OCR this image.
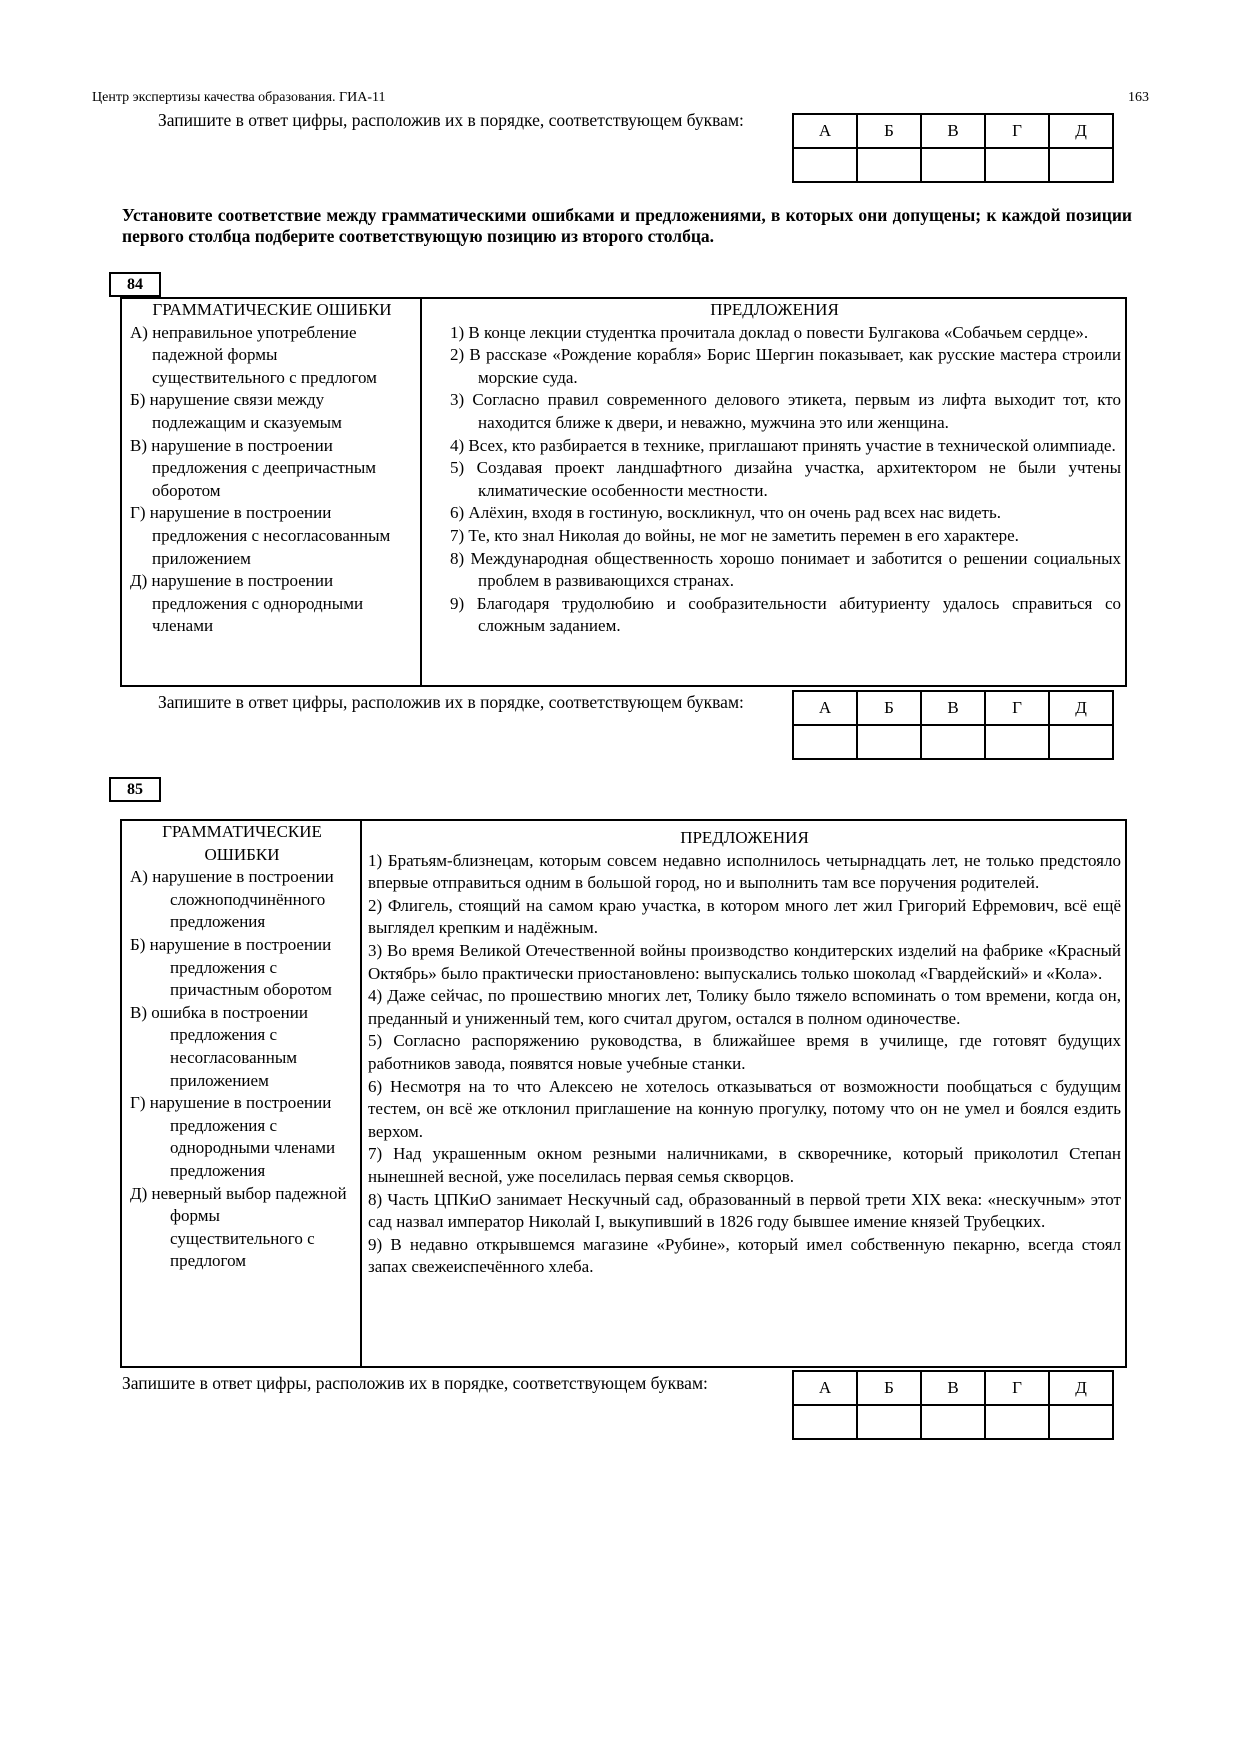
Центр экспертизы качества образования. ГИА-11	163
Запишите в ответ цифры, расположив их в порядке, соответствующем буквам:
А	Б	В	Г	Д

Установите соответствие между грамматическими ошибками и предложениями, в которых они допущены; к каждой позиции первого столбца подберите соответствующую позицию из второго столбца.
84
ГРАММАТИЧЕСКИЕ ОШИБКИ
А) неправильное употребление падежной формы существительного с предлогом
Б) нарушение связи между подлежащим и сказуемым
В) нарушение в построении предложения с деепричастным оборотом
Г) нарушение в построении предложения с несогласованным приложением
Д) нарушение в построении предложения с однородными членами
ПРЕДЛОЖЕНИЯ
1) В конце лекции студентка прочитала доклад о повести Булгакова «Собачьем сердце».
2) В рассказе «Рождение корабля» Борис Шергин показывает, как русские мастера строили морские суда.
3) Согласно правил современного делового этикета, первым из лифта выходит тот, кто находится ближе к двери, и неважно, мужчина это или женщина.
4) Всех, кто разбирается в технике, приглашают принять участие в технической олимпиаде.
5) Создавая проект ландшафтного дизайна участка, архитектором не были учтены климатические особенности местности.
6) Алёхин, входя в гостиную, воскликнул, что он очень рад всех нас видеть.
7) Те, кто знал Николая до войны, не мог не заметить перемен в его характере.
8) Международная общественность хорошо понимает и заботится о решении социальных проблем в развивающихся странах.
9) Благодаря трудолюбию и сообразительности абитуриенту удалось справиться со сложным заданием.
Запишите в ответ цифры, расположив их в порядке, соответствующем буквам:	А	Б	В	Г	Д

85
ГРАММАТИЧЕСКИЕ ОШИБКИ
А) нарушение в построении сложноподчинённого предложения
Б) нарушение в построении предложения с причастным оборотом
В) ошибка в построении предложения с несогласованным приложением
Г) нарушение в построении предложения с однородными членами предложения
Д) неверный выбор падежной формы существительного с предлогом
ПРЕДЛОЖЕНИЯ
1) Братьям-близнецам, которым совсем недавно исполнилось четырнадцать лет, не только предстояло впервые отправиться одним в большой город, но и выполнить там все поручения родителей.
2) Флигель, стоящий на самом краю участка, в котором много лет жил Григорий Ефремович, всё ещё выглядел крепким и надёжным.
3) Во время Великой Отечественной войны производство кондитерских изделий на фабрике «Красный Октябрь» было практически приостановлено: выпускались только шоколад «Гвардейский» и «Кола».
4) Даже сейчас, по прошествию многих лет, Толику было тяжело вспоминать о том времени, когда он, преданный и униженный тем, кого считал другом, остался в полном одиночестве.
5) Согласно распоряжению руководства, в ближайшее время в училище, где готовят будущих работников завода, появятся новые учебные станки.
6) Несмотря на то что Алексею не хотелось отказываться от возможности пообщаться с будущим тестем, он всё же отклонил приглашение на конную прогулку, потому что он не умел и боялся ездить верхом.
7) Над украшенным окном резными наличниками, в скворечнике, который приколотил Степан нынешней весной, уже поселилась первая семья скворцов.
8) Часть ЦПКиО занимает Нескучный сад, образованный в первой трети XIX века: «нескучным» этот сад назвал император Николай I, выкупивший в 1826 году бывшее имение князей Трубецких.
9) В недавно открывшемся магазине «Рубине», который имел собственную пекарню, всегда стоял запах свежеиспечённого хлеба.
Запишите в ответ цифры, расположив их в порядке, соответствующем буквам:	А	Б	В	Г	Д
